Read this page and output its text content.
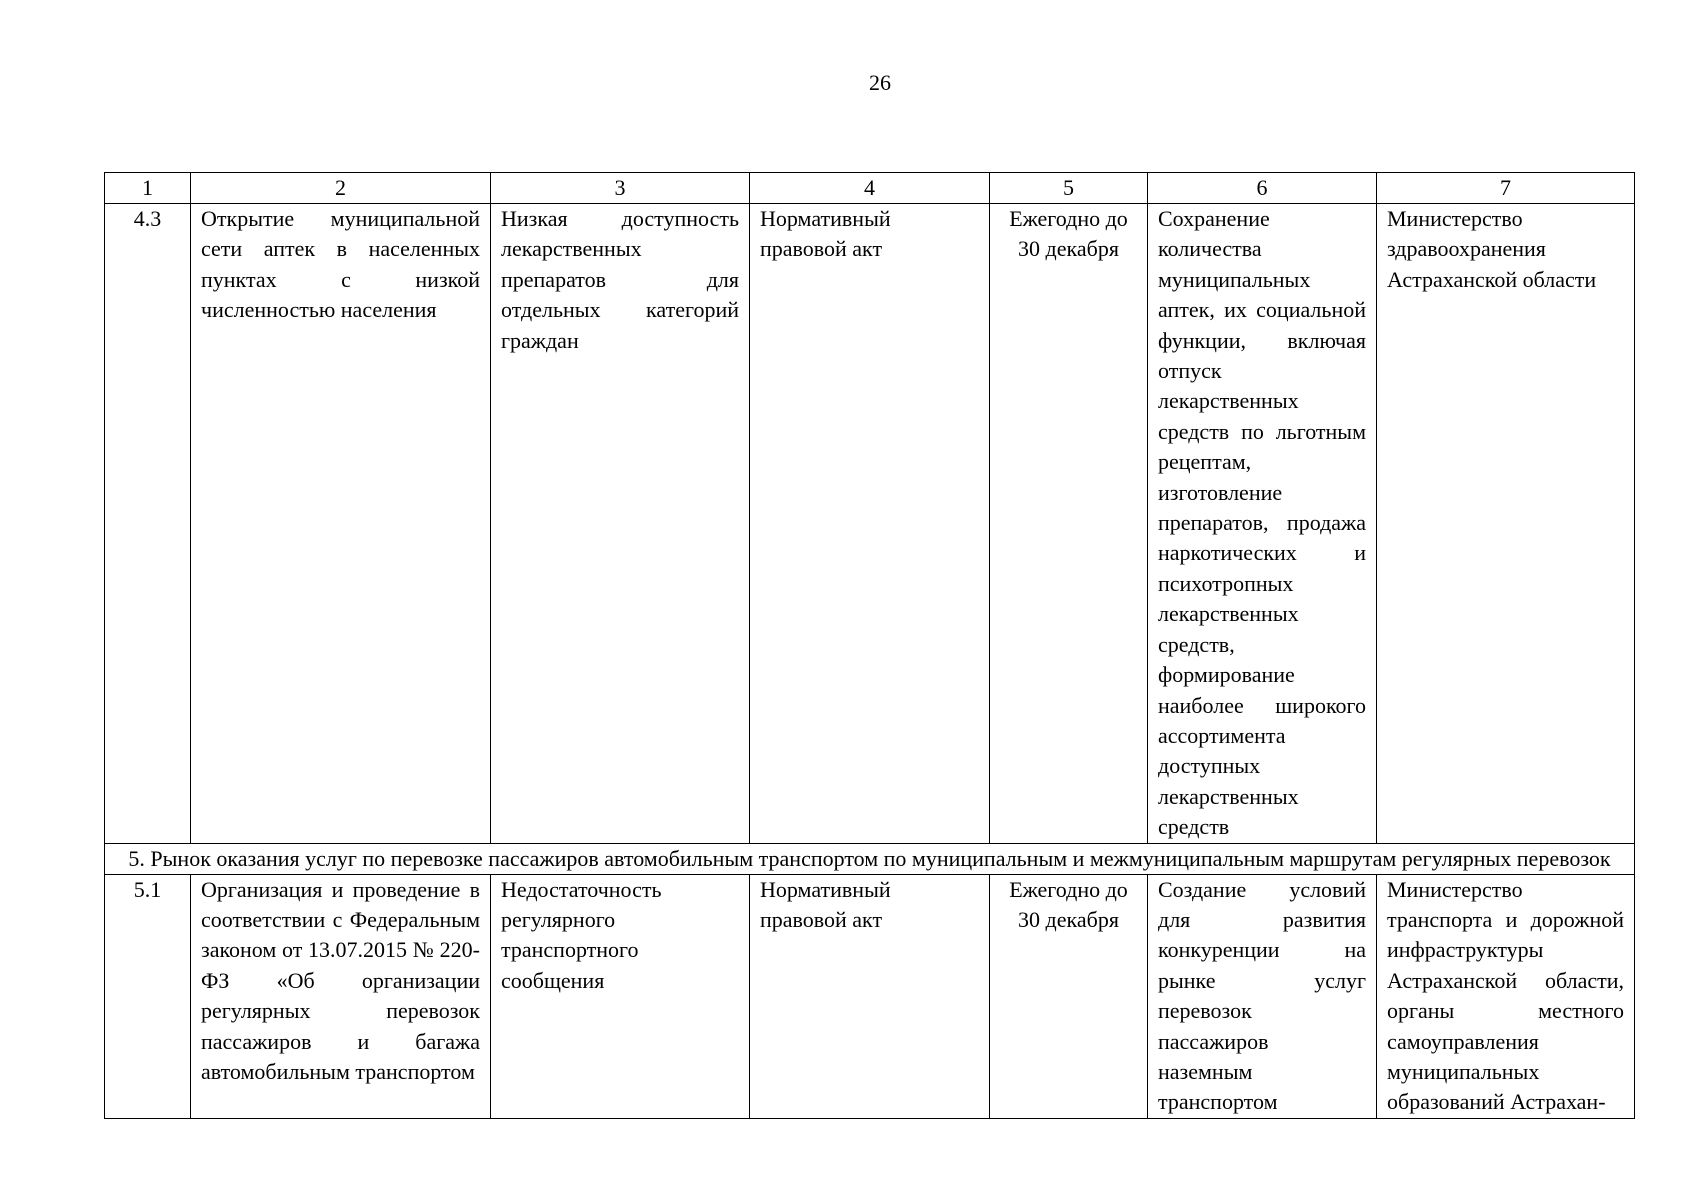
26
1	2	3	4	5	6	7
4.3	Открытие муниципальной сети аптек в населенных пунктах с низкой численностью населения	Низкая доступность лекарственных препаратов для отдельных категорий граждан	Нормативный правовой акт	Ежегодно до 30 декабря	Сохранение количества муниципальных аптек, их социальной функции, включая отпуск лекарственных средств по льготным рецептам, изготовление препаратов, продажа наркотических и психотропных лекарственных средств, формирование наиболее широкого ассортимента доступных лекарственных средств	Министерство здравоохранения Астраханской области
5. Рынок оказания услуг по перевозке пассажиров автомобильным транспортом по муниципальным и межмуниципальным маршрутам регулярных перевозок						
5.1	Организация и проведение в соответствии с Федеральным законом от 13.07.2015 № 220-ФЗ «Об организации регулярных перевозок пассажиров и багажа автомобильным транспортом	Недостаточность регулярного транспортного сообщения	Нормативный правовой акт	Ежегодно до 30 декабря	Создание условий для развития конкуренции на рынке услуг перевозок пассажиров наземным транспортом	Министерство транспорта и дорожной инфраструктуры Астраханской области, органы местного самоуправления муниципальных образований Астрахан-
